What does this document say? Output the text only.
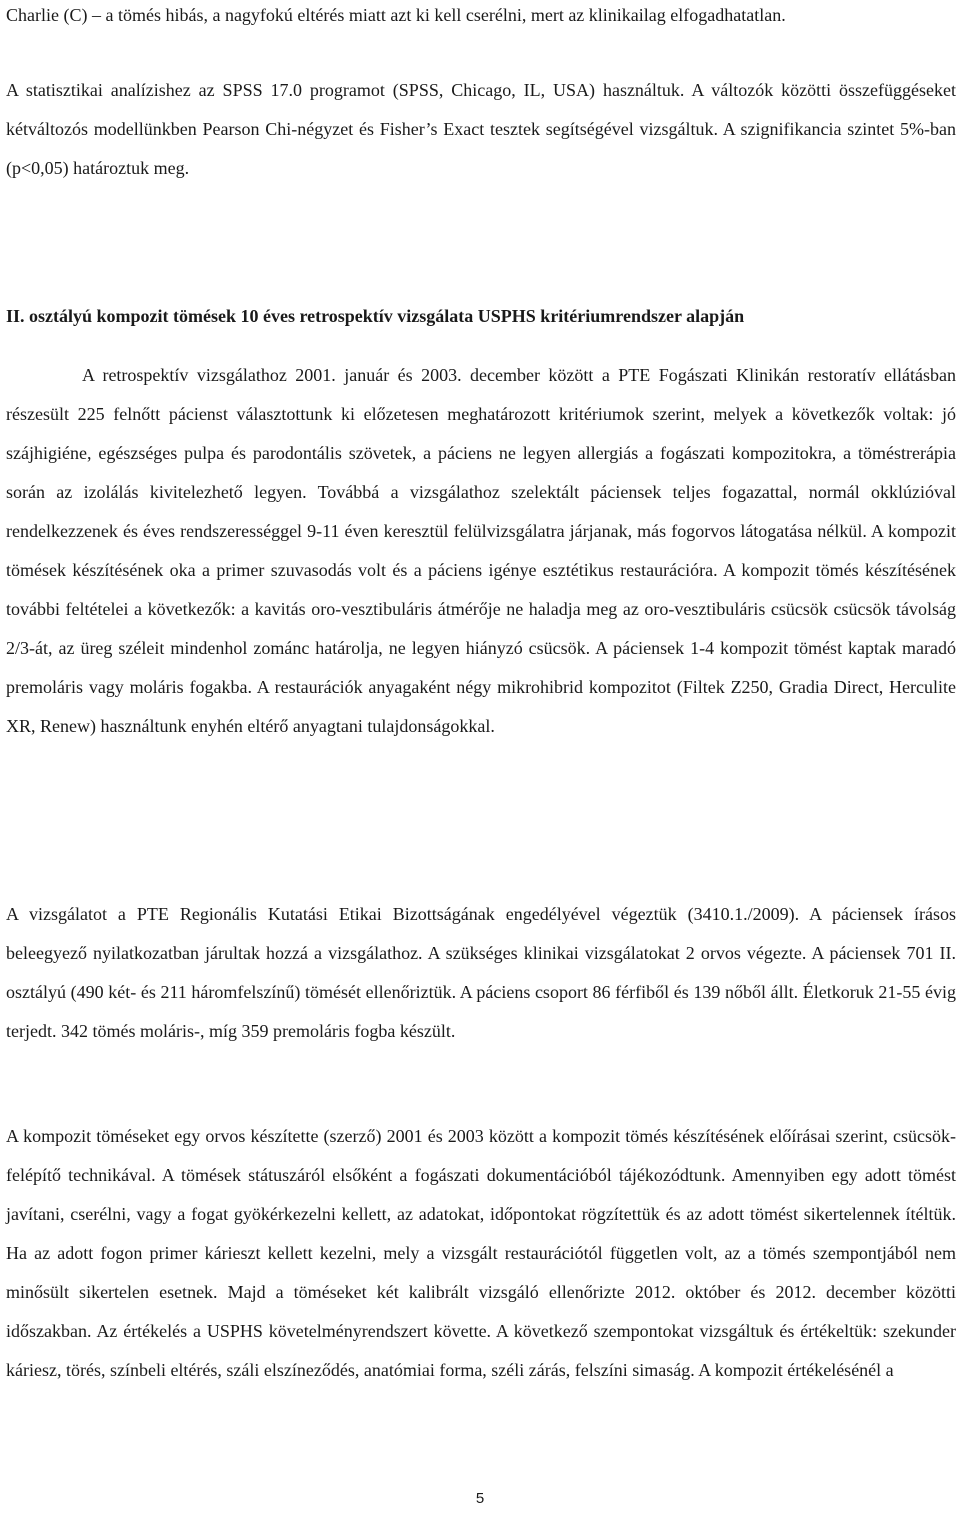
Charlie (C) – a tömés hibás, a nagyfokú eltérés miatt azt ki kell cserélni, mert az klinikailag elfogadhatatlan.

A statisztikai analízishez az SPSS 17.0 programot (SPSS, Chicago, IL, USA) használtuk. A változók közötti összefüggéseket kétváltozós modellünkben Pearson Chi-négyzet és Fisher’s Exact tesztek segítségével vizsgáltuk. A szignifikancia szintet 5%-ban (p<0,05) határoztuk meg.

II. osztályú kompozit tömések 10 éves retrospektív vizsgálata USPHS kritériumrendszer alapján

A retrospektív vizsgálathoz 2001. január és 2003. december között a PTE Fogászati Klinikán restoratív ellátásban részesült 225 felnőtt pácienst választottunk ki előzetesen meghatározott kritériumok szerint, melyek a következők voltak: jó szájhigiéne, egészséges pulpa és parodontális szövetek, a páciens ne legyen allergiás a fogászati kompozitokra, a töméstrerápia során az izolálás kivitelezhető legyen. Továbbá a vizsgálathoz szelektált páciensek teljes fogazattal, normál okklúzióval rendelkezzenek és éves rendszerességgel 9-11 éven keresztül felülvizsgálatra járjanak, más fogorvos látogatása nélkül. A kompozit tömések készítésének oka a primer szuvasodás volt és a páciens igénye esztétikus restaurációra. A kompozit tömés készítésének további feltételei a következők: a kavitás oro-vesztibuláris átmérője ne haladja meg az oro-vesztibuláris csücsök csücsök távolság 2/3-át, az üreg széleit mindenhol zománc határolja, ne legyen hiányzó csücsök. A páciensek 1-4 kompozit tömést kaptak maradó premoláris vagy moláris fogakba. A restaurációk anyagaként négy mikrohibrid kompozitot (Filtek Z250, Gradia Direct, Herculite XR, Renew) használtunk enyhén eltérő anyagtani tulajdonságokkal.

A vizsgálatot a PTE Regionális Kutatási Etikai Bizottságának engedélyével végeztük (3410.1./2009). A páciensek írásos beleegyező nyilatkozatban járultak hozzá a vizsgálathoz. A szükséges klinikai vizsgálatokat 2 orvos végezte. A páciensek 701 II. osztályú (490 két- és 211 háromfelszínű) tömését ellenőriztük. A páciens csoport 86 férfiből és 139 nőből állt. Életkoruk 21-55 évig terjedt. 342 tömés moláris-, míg 359 premoláris fogba készült.

A kompozit töméseket egy orvos készítette (szerző) 2001 és 2003 között a kompozit tömés készítésének előírásai szerint, csücsök-felépítő technikával. A tömések státuszáról elsőként a fogászati dokumentációból tájékozódtunk. Amennyiben egy adott tömést javítani, cserélni, vagy a fogat gyökérkezelni kellett, az adatokat, időpontokat rögzítettük és az adott tömést sikertelennek ítéltük. Ha az adott fogon primer kárieszt kellett kezelni, mely a vizsgált restaurációtól független volt, az a tömés szempontjából nem minősült sikertelen esetnek. Majd a töméseket két kalibrált vizsgáló ellenőrizte 2012. október és 2012. december közötti időszakban. Az értékelés a USPHS követelményrendszert követte. A következő szempontokat vizsgáltuk és értékeltük: szekunder káriesz, törés, színbeli eltérés, száli elszíneződés, anatómiai forma, széli zárás, felszíni simaság. A kompozit értékelésénél a

5
